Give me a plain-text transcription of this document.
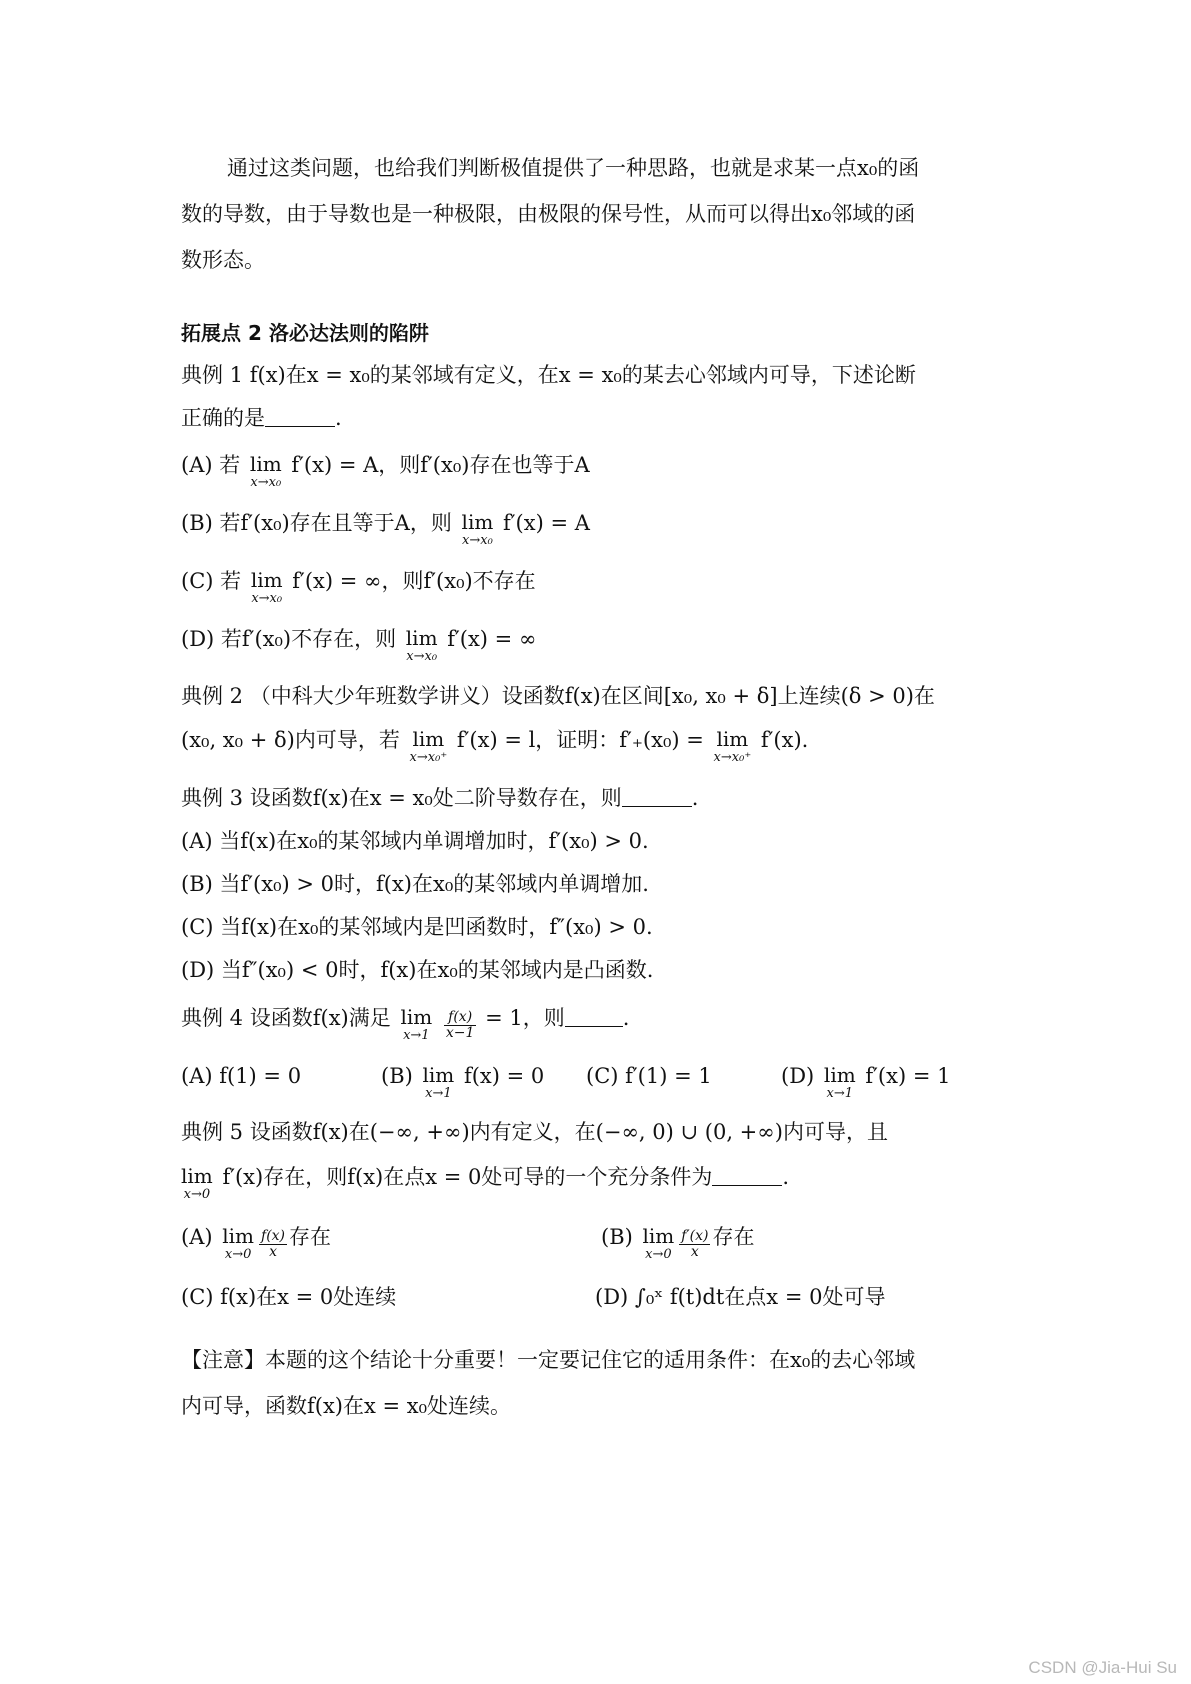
通过这类问题，也给我们判断极值提供了一种思路，也就是求某一点x₀的函
数的导数，由于导数也是一种极限，由极限的保号性，从而可以得出x₀邻域的函
数形态。
拓展点 2 洛必达法则的陷阱
典例 1 f(x)在x = x₀的某邻域有定义，在x = x₀的某去心邻域内可导，下述论断
正确的是	.
(A) 若 lim
x→x₀
f′(x) = A，则f′(x₀)存在也等于A
(B) 若f′(x₀)存在且等于A，则 lim
x→x₀
f′(x) = A
(C) 若 lim
x→x₀
f′(x) = ∞，则f′(x₀)不存在
(D) 若f′(x₀)不存在，则 lim
x→x₀
f′(x) = ∞
典例 2 （中科大少年班数学讲义）设函数f(x)在区间[x₀, x₀ + δ]上连续(δ > 0)在
(x₀, x₀ + δ)内可导，若 lim
x→x₀⁺
f′(x) = l，证明：f′₊(x₀) = lim
x→x₀⁺
f′(x).
典例 3 设函数f(x)在x = x₀处二阶导数存在，则	.
(A) 当f(x)在x₀的某邻域内单调增加时，f′(x₀) > 0.
(B) 当f′(x₀) > 0时，f(x)在x₀的某邻域内单调增加.
(C) 当f(x)在x₀的某邻域内是凹函数时，f″(x₀) > 0.
(D) 当f″(x₀) < 0时，f(x)在x₀的某邻域内是凸函数.
典例 4 设函数f(x)满足 lim
x→1
$\frac{f(x)}{x-1} = 1$，则	.
(A) f(1) = 0	(B) lim
x→1
f(x) = 0 (C) f′(1) = 1	(D) lim
x→1
f′(x) = 1
典例 5 设函数f(x)在(−∞, +∞)内有定义，在(−∞, 0) ∪ (0, +∞)内可导，且
lim
x→0
f′(x)存在，则f(x)在点x = 0处可导的一个充分条件为	.
(A) lim
$x\to 0 \frac{f(x)}{x}$ 存在	(B) lim
$x\to 0 \frac{f'(x)}{x}$ 存在
(C) f(x)在x = 0处连续	(D) ∫₀ˣ f(t)dt在点x = 0处可导
【注意】本题的这个结论十分重要！一定要记住它的适用条件：在x₀的去心邻域
内可导，函数f(x)在x = x₀处连续。
CSDN @Jia-Hui Su
